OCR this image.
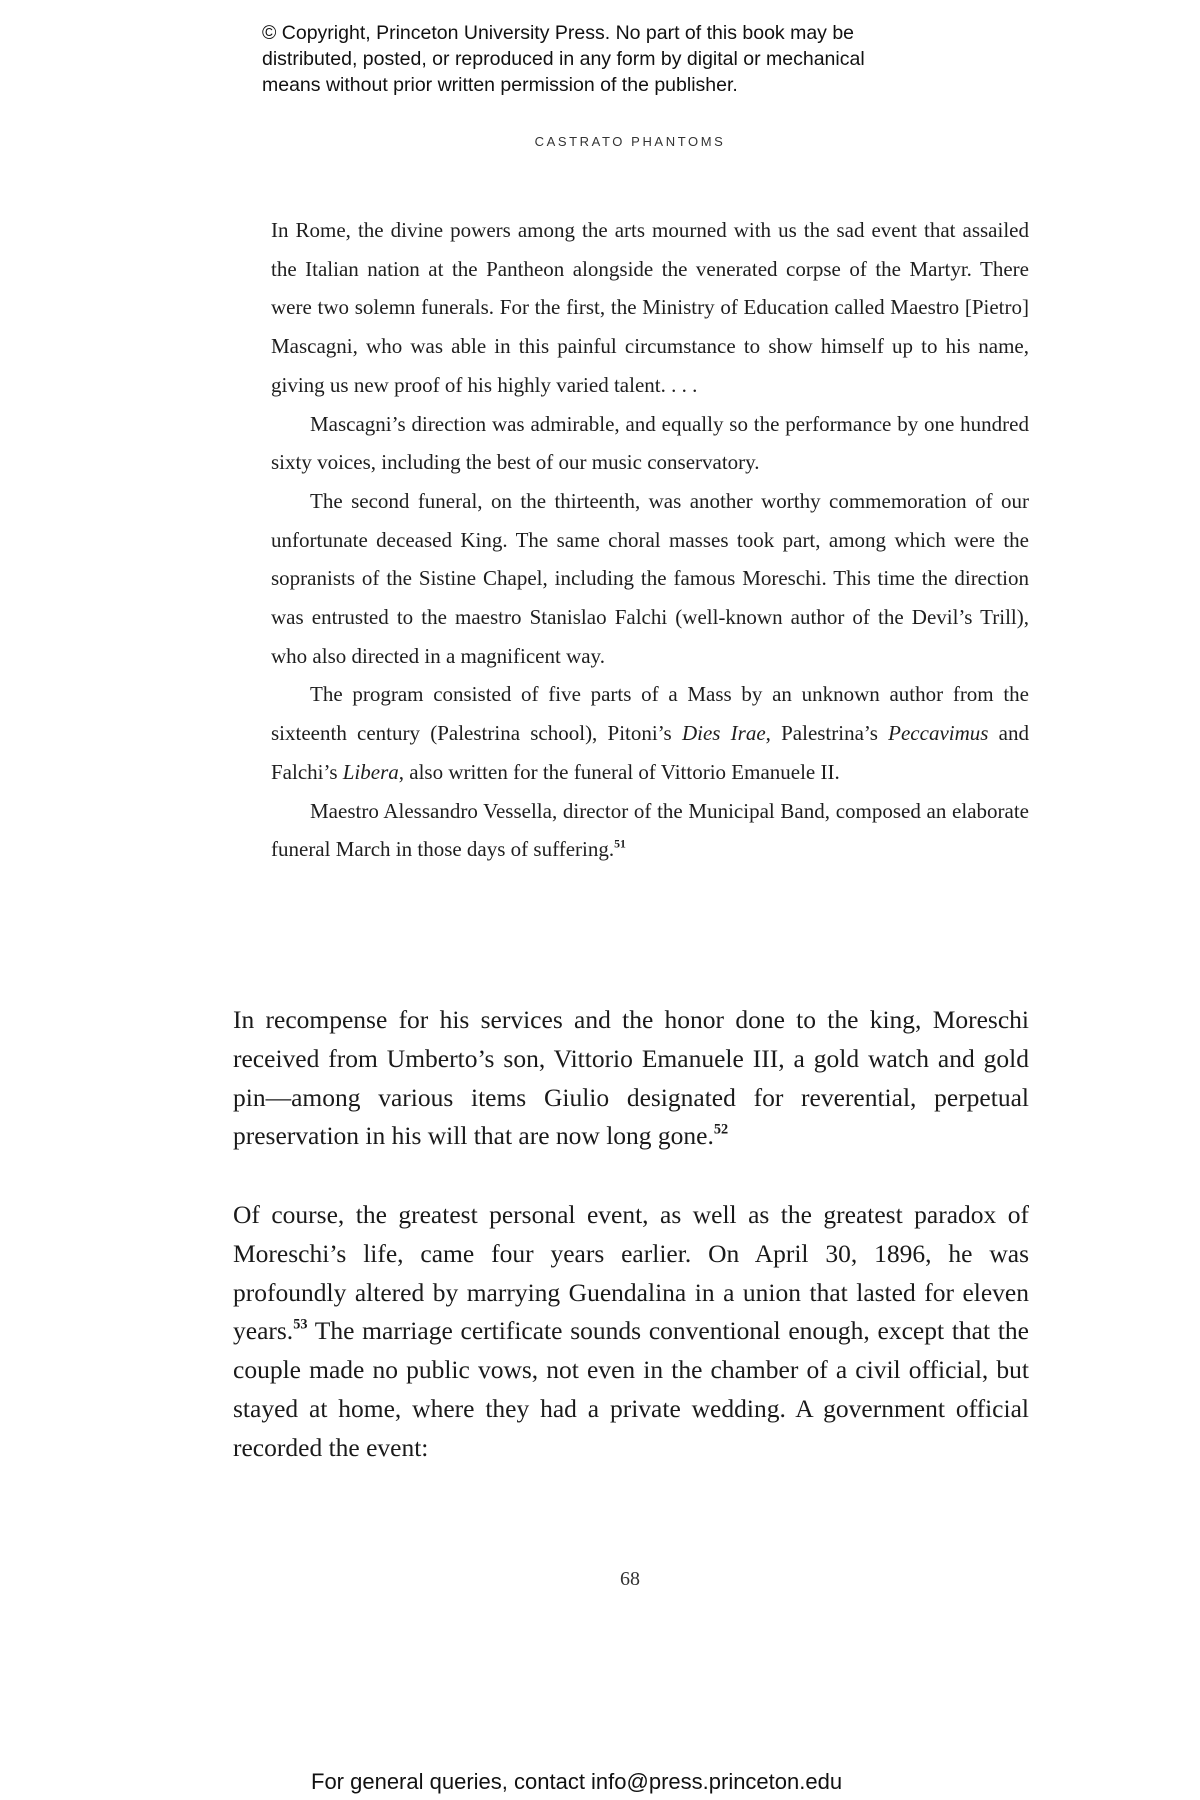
© Copyright, Princeton University Press. No part of this book may be
distributed, posted, or reproduced in any form by digital or mechanical
means without prior written permission of the publisher.
CASTRATO PHANTOMS

In Rome, the divine powers among the arts mourned with us the sad event that assailed the Italian nation at the Pantheon alongside the venerated corpse of the Martyr. There were two solemn funerals. For the first, the Ministry of Education called Maestro [Pietro] Mascagni, who was able in this painful circumstance to show himself up to his name, giving us new proof of his highly varied talent. . . .

Mascagni’s direction was admirable, and equally so the performance by one hundred sixty voices, including the best of our music conservatory.

The second funeral, on the thirteenth, was another worthy commemoration of our unfortunate deceased King. The same choral masses took part, among which were the sopranists of the Sistine Chapel, including the famous Moreschi. This time the direction was entrusted to the maestro Stanislao Falchi (well-known author of the Devil’s Trill), who also directed in a magnificent way.

The program consisted of five parts of a Mass by an unknown author from the sixteenth century (Palestrina school), Pitoni’s Dies Irae, Palestrina’s Peccavimus and Falchi’s Libera, also written for the funeral of Vittorio Emanuele II.

Maestro Alessandro Vessella, director of the Municipal Band, composed an elaborate funeral March in those days of suffering.$^{51}$

In recompense for his services and the honor done to the king, Moreschi received from Umberto’s son, Vittorio Emanuele III, a gold watch and gold pin—among various items Giulio designated for reverential, perpetual preservation in his will that are now long gone.$^{52}$

Of course, the greatest personal event, as well as the greatest paradox of Moreschi’s life, came four years earlier. On April 30, 1896, he was profoundly altered by marrying Guendalina in a union that lasted for eleven years.$^{53}$ The marriage certificate sounds conventional enough, except that the couple made no public vows, not even in the chamber of a civil official, but stayed at home, where they had a private wedding. A government official recorded the event:

68
For general queries, contact info@press.princeton.edu
